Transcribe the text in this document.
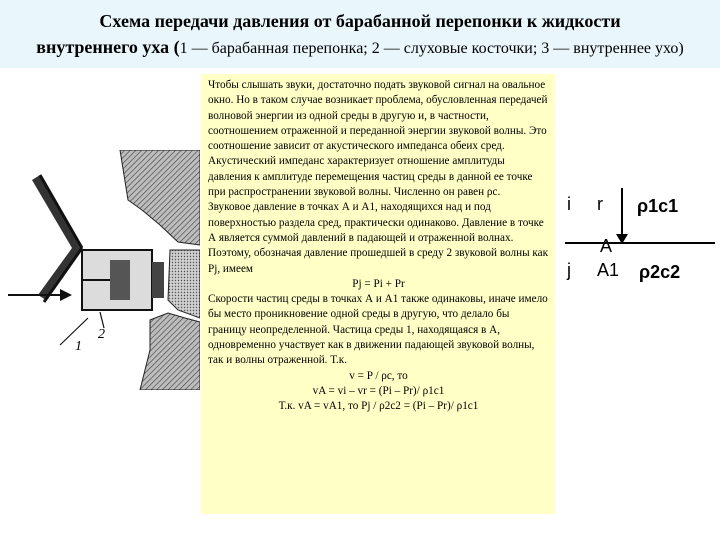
Схема передачи давления от барабанной перепонки к жидкости
внутреннего уха (1 — барабанная перепонка; 2 — слуховые косточки; 3 — внутреннее ухо)
1
2

Чтобы слышать звуки, достаточно подать звуковой сигнал на овальное окно. Но в таком случае возникает проблема, обусловленная передачей волновой энергии из одной среды в другую и, в частности, соотношением отраженной и переданной энергии звуковой волны. Это соотношение зависит от акустического импеданса обеих сред. Акустический импеданс характеризует отношение амплитуды давления к амплитуде перемещения частиц среды в данной ее точке при распространении звуковой волны. Численно он равен ρc.

Звуковое давление в точках А и А1, находящихся над и под поверхностью раздела сред, практически одинаково. Давление в точке А является суммой давлений в падающей и отраженной волнах. Поэтому, обозначая давление прошедшей в среду 2 звуковой волны как Pj, имеем

Pj = Pi + Pr

Скорости частиц среды в точках А и А1 также одинаковы, иначе имело бы место проникновение одной среды в другую, что делало бы границу неопределенной. Частица среды 1, находящаяся в А, одновременно участвует как в движении падающей звуковой волны, так и волны отраженной. Т.к.

v = P / ρc, то

vA = vi – vr = (Pi – Pr)/ ρ1c1

Т.к. vA = vA1, то Pj / ρ2c2 = (Pi – Pr)/ ρ1c1

i r
j
A
A1
ρ1c1
ρ2c2
